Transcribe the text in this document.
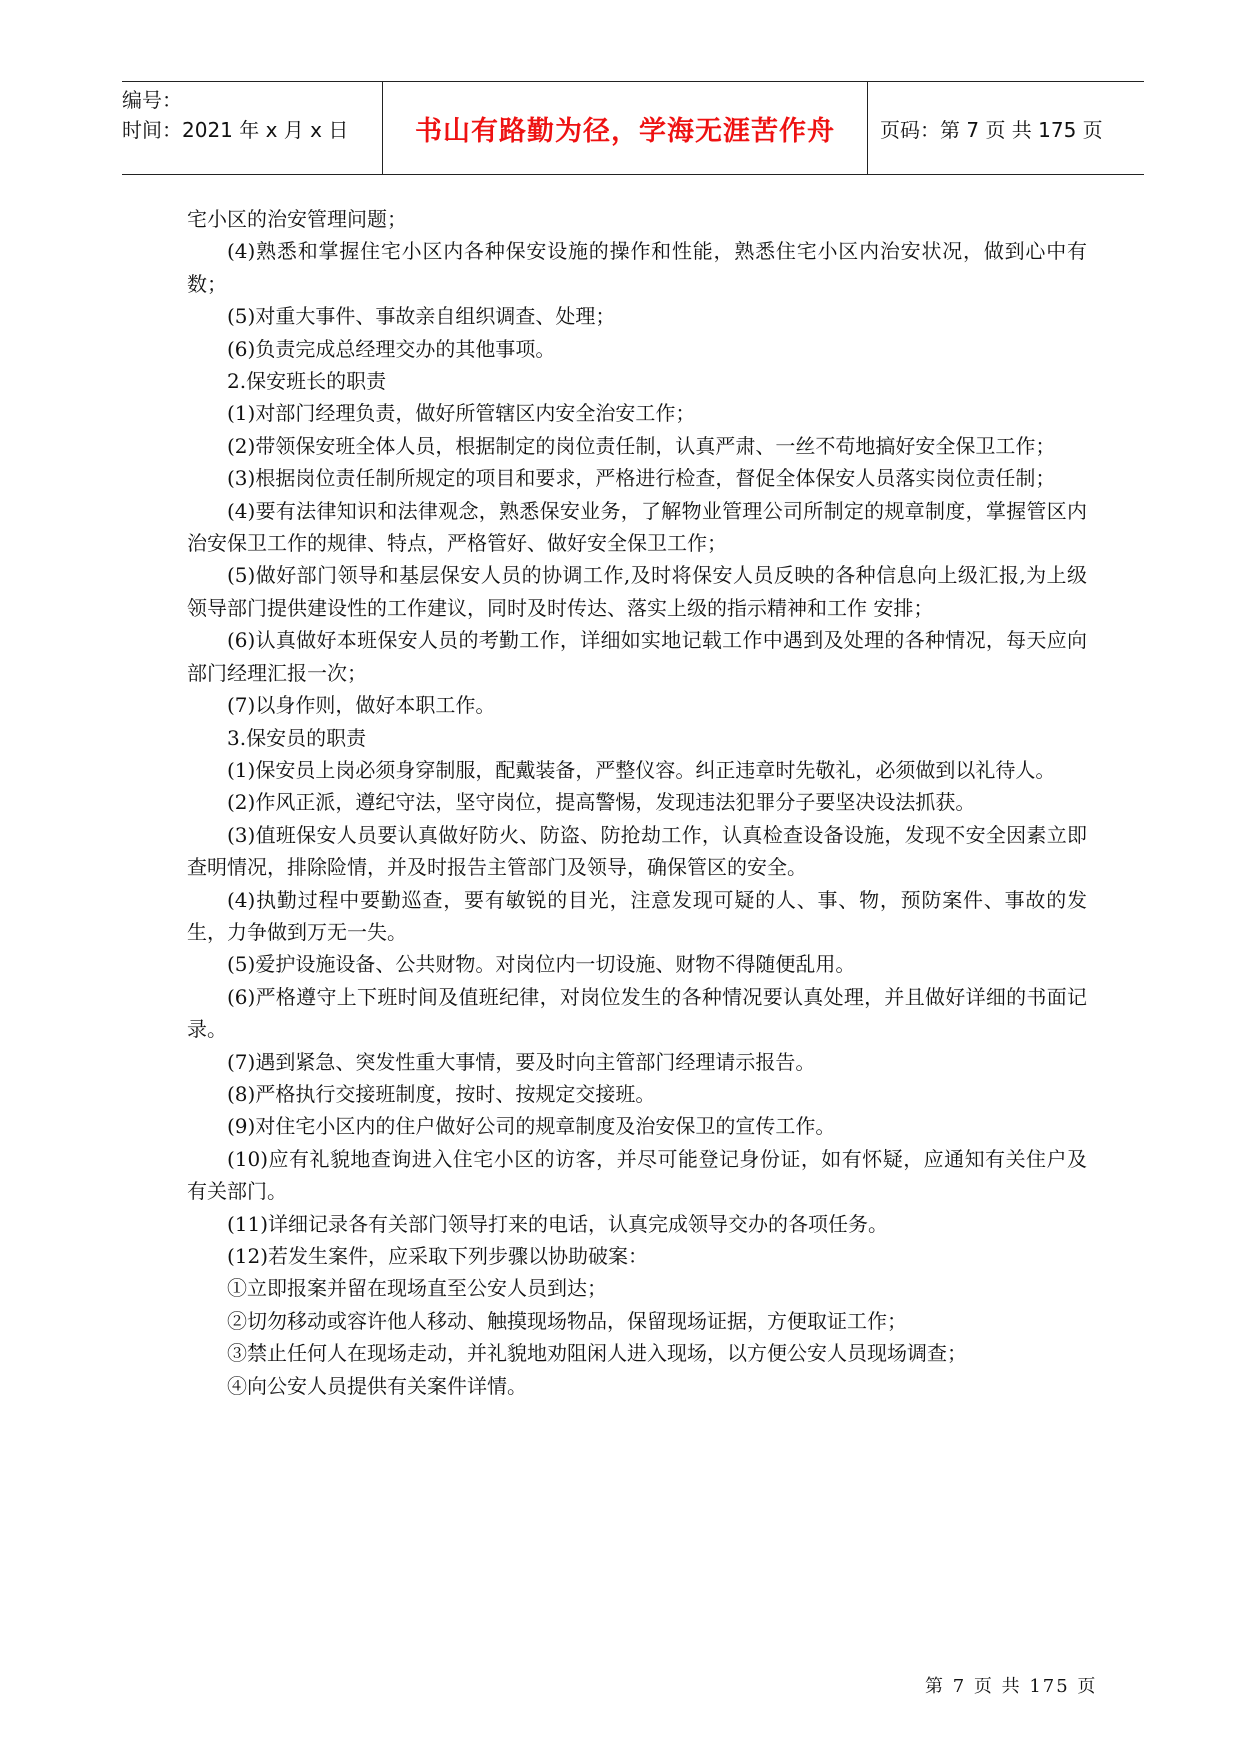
编号：
时间：2021 年 x 月 x 日	书山有路勤为径，学海无涯苦作舟	页码：第 7 页 共 175 页

宅小区的治安管理问题；

(4)熟悉和掌握住宅小区内各种保安设施的操作和性能，熟悉住宅小区内治安状况，做到心中有数；

(5)对重大事件、事故亲自组织调查、处理；

(6)负责完成总经理交办的其他事项。

2.保安班长的职责

(1)对部门经理负责，做好所管辖区内安全治安工作；

(2)带领保安班全体人员，根据制定的岗位责任制，认真严肃、一丝不苟地搞好安全保卫工作；

(3)根据岗位责任制所规定的项目和要求，严格进行检查，督促全体保安人员落实岗位责任制；

(4)要有法律知识和法律观念，熟悉保安业务，了解物业管理公司所制定的规章制度，掌握管区内治安保卫工作的规律、特点，严格管好、做好安全保卫工作；

(5)做好部门领导和基层保安人员的协调工作,及时将保安人员反映的各种信息向上级汇报,为上级领导部门提供建设性的工作建议，同时及时传达、落实上级的指示精神和工作 安排；

(6)认真做好本班保安人员的考勤工作，详细如实地记载工作中遇到及处理的各种情况，每天应向部门经理汇报一次；

(7)以身作则，做好本职工作。

3.保安员的职责

(1)保安员上岗必须身穿制服，配戴装备，严整仪容。纠正违章时先敬礼，必须做到以礼待人。

(2)作风正派，遵纪守法，坚守岗位，提高警惕，发现违法犯罪分子要坚决设法抓获。

(3)值班保安人员要认真做好防火、防盗、防抢劫工作，认真检查设备设施，发现不安全因素立即查明情况，排除险情，并及时报告主管部门及领导，确保管区的安全。

(4)执勤过程中要勤巡查，要有敏锐的目光，注意发现可疑的人、事、物，预防案件、事故的发生，力争做到万无一失。

(5)爱护设施设备、公共财物。对岗位内一切设施、财物不得随便乱用。

(6)严格遵守上下班时间及值班纪律，对岗位发生的各种情况要认真处理，并且做好详细的书面记录。

(7)遇到紧急、突发性重大事情，要及时向主管部门经理请示报告。

(8)严格执行交接班制度，按时、按规定交接班。

(9)对住宅小区内的住户做好公司的规章制度及治安保卫的宣传工作。

(10)应有礼貌地查询进入住宅小区的访客，并尽可能登记身份证，如有怀疑，应通知有关住户及有关部门。

(11)详细记录各有关部门领导打来的电话，认真完成领导交办的各项任务。

(12)若发生案件，应采取下列步骤以协助破案：

①立即报案并留在现场直至公安人员到达；

②切勿移动或容许他人移动、触摸现场物品，保留现场证据，方便取证工作；

③禁止任何人在现场走动，并礼貌地劝阻闲人进入现场，以方便公安人员现场调查；

④向公安人员提供有关案件详情。

第 7 页 共 175 页
